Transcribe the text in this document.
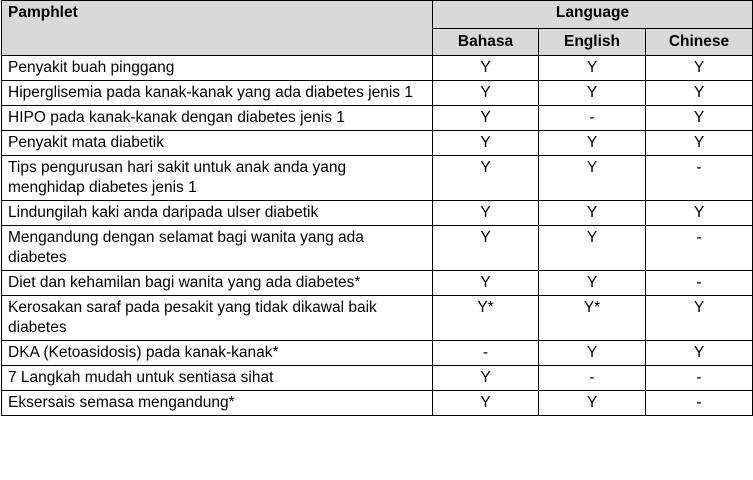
Pamphlet	Language		
	Bahasa	English	Chinese
Penyakit buah pinggang	Y	Y	Y
Hiperglisemia pada kanak-kanak yang ada diabetes jenis 1	Y	Y	Y
HIPO pada kanak-kanak dengan diabetes jenis 1	Y	-	Y
Penyakit mata diabetik	Y	Y	Y
Tips pengurusan hari sakit untuk anak anda yang menghidap diabetes jenis 1	Y	Y	-
Lindungilah kaki anda daripada ulser diabetik	Y	Y	Y
Mengandung dengan selamat bagi wanita yang ada diabetes	Y	Y	-
Diet dan kehamilan bagi wanita yang ada diabetes*	Y	Y	-
Kerosakan saraf pada pesakit yang tidak dikawal baik diabetes	Y*	Y*	Y
DKA (Ketoasidosis) pada kanak-kanak*	-	Y	Y
7 Langkah mudah untuk sentiasa sihat	Y	-	-
Eksersais semasa mengandung*	Y	Y	-
